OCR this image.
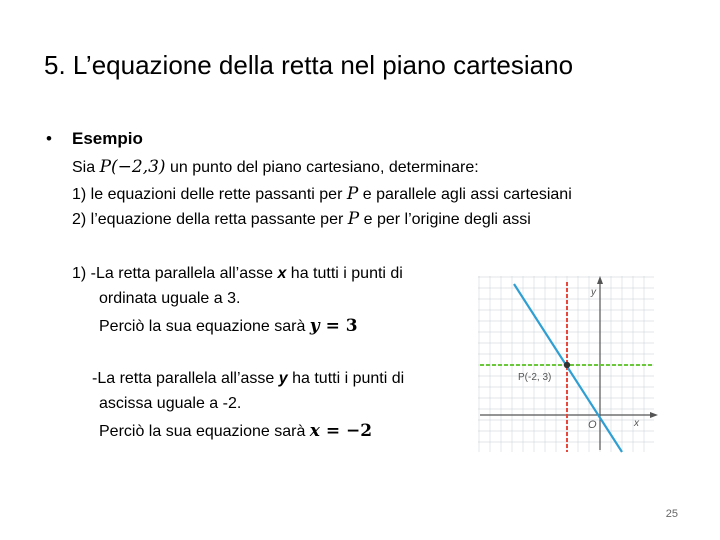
5. L’equazione della retta nel piano cartesiano
• Esempio
Sia P(−2,3) un punto del piano cartesiano, determinare:
1) le equazioni delle rette passanti per P e parallele agli assi cartesiani
2) l’equazione della retta passante per P e per l’origine degli assi
1) -La retta parallela all’asse x ha tutti i punti di
ordinata uguale a 3.
Perciò la sua equazione sarà y = 3
-La retta parallela all’asse y ha tutti i punti di
ascissa uguale a -2.
Perciò la sua equazione sarà x = −2
y
x
P(-2, 3)
O
25
